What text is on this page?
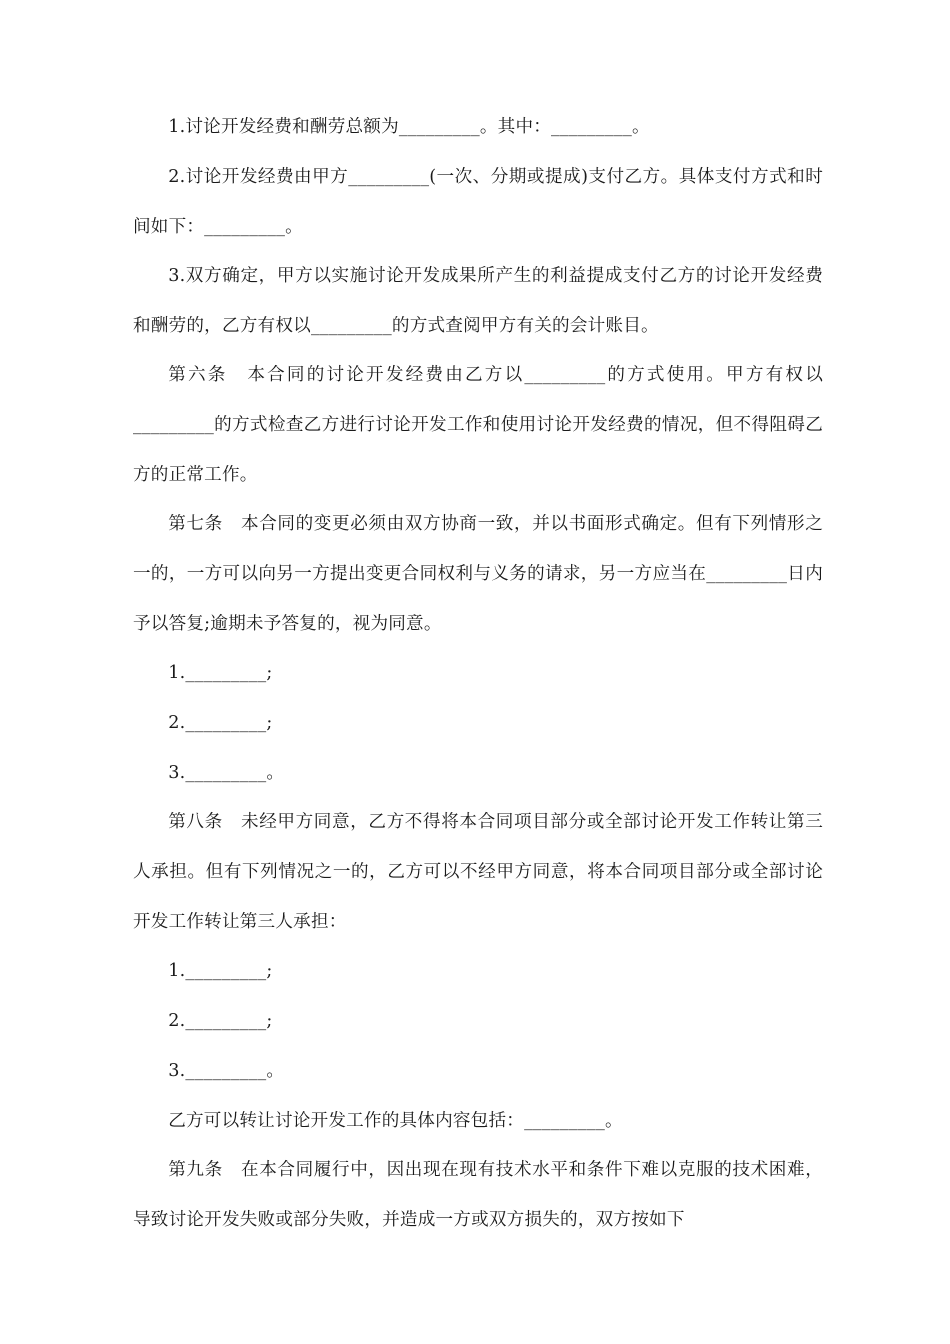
1.讨论开发经费和酬劳总额为_________。其中：_________。

2.讨论开发经费由甲方_________(一次、分期或提成)支付乙方。具体支付方式和时间如下：_________。

3.双方确定，甲方以实施讨论开发成果所产生的利益提成支付乙方的讨论开发经费和酬劳的，乙方有权以_________的方式查阅甲方有关的会计账目。

第六条　本合同的讨论开发经费由乙方以_________的方式使用。甲方有权以_________的方式检查乙方进行讨论开发工作和使用讨论开发经费的情况，但不得阻碍乙方的正常工作。

第七条　本合同的变更必须由双方协商一致，并以书面形式确定。但有下列情形之一的，一方可以向另一方提出变更合同权利与义务的请求，另一方应当在_________日内予以答复;逾期未予答复的，视为同意。

1._________;

2._________;

3._________。

第八条　未经甲方同意，乙方不得将本合同项目部分或全部讨论开发工作转让第三人承担。但有下列情况之一的，乙方可以不经甲方同意，将本合同项目部分或全部讨论开发工作转让第三人承担：

1._________;

2._________;

3._________。

乙方可以转让讨论开发工作的具体内容包括：_________。

第九条　在本合同履行中，因出现在现有技术水平和条件下难以克服的技术困难，导致讨论开发失败或部分失败，并造成一方或双方损失的，双方按如下
